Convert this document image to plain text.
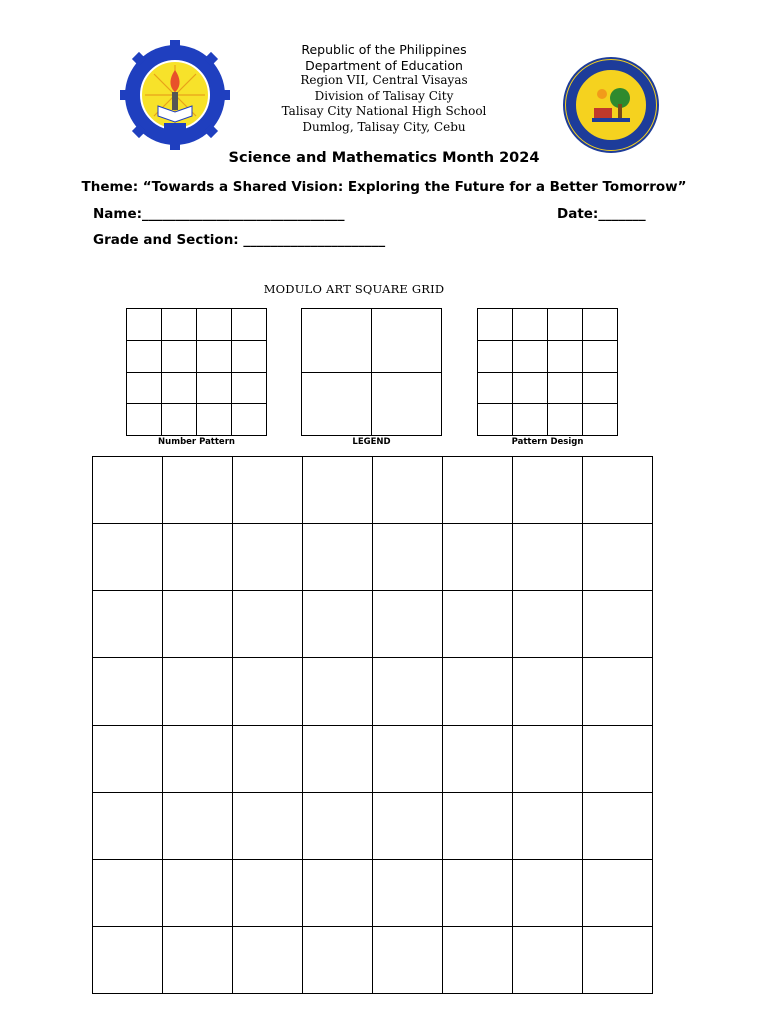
1997
Republic of the Philippines
Department of Education
Region VII, Central Visayas
Division of Talisay City
Talisay City National High School
Dumlog, Talisay City, Cebu
Science and Mathematics Month 2024
Theme: “Towards a Shared Vision: Exploring the Future for a Better Tomorrow”
Name:______________________________	Date:_______
Grade and Section: _____________________
MODULO ART SQUARE GRID

Number Pattern

		LEGEND

				Pattern Design
